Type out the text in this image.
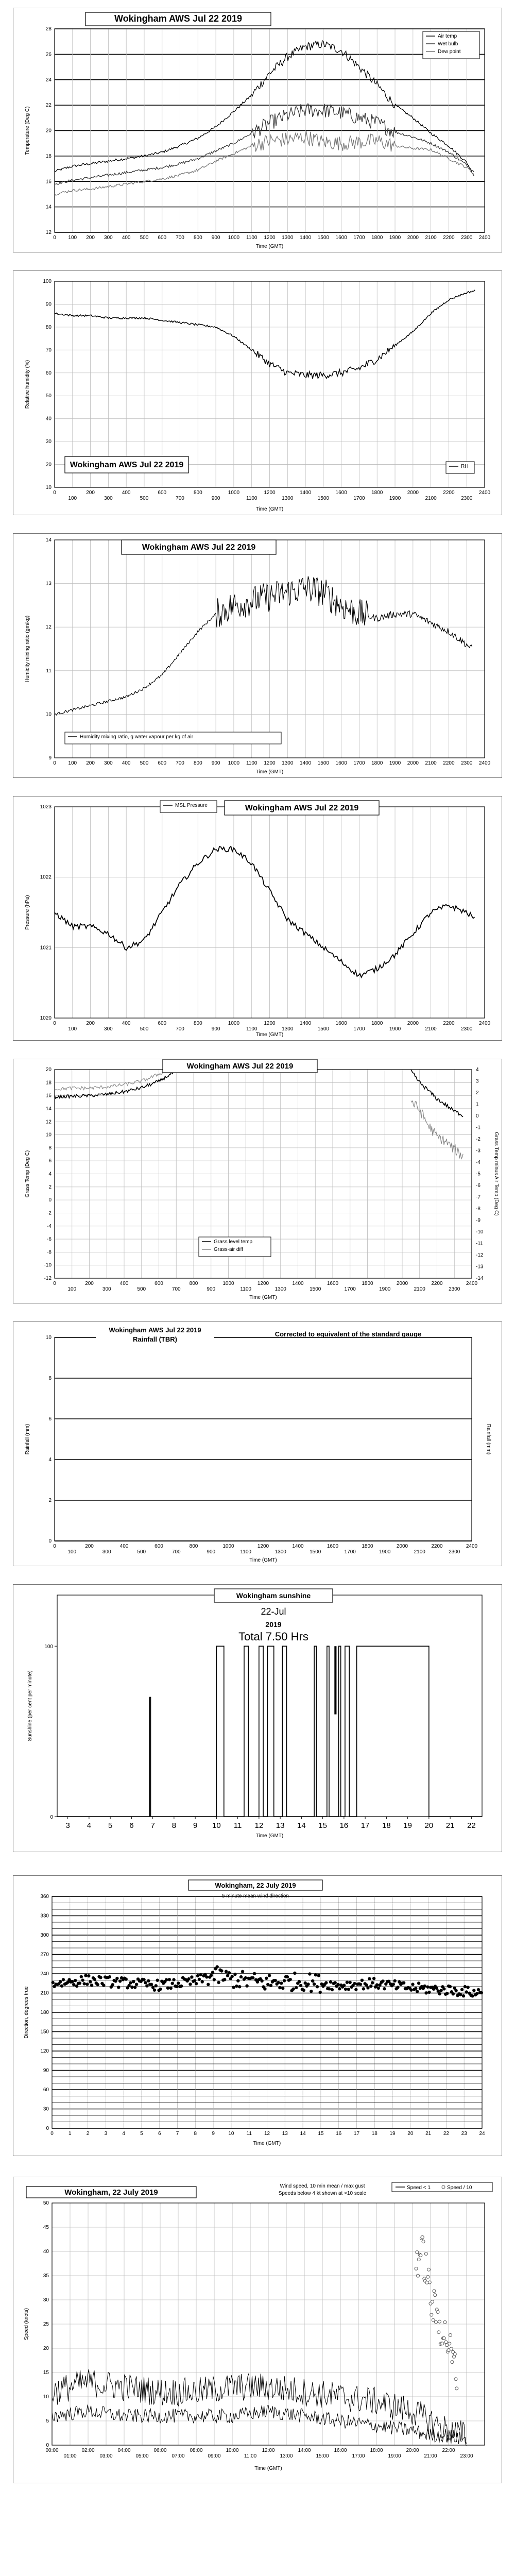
12
14
16
18
20
22
24
26
28
0 100 200 300 400 500 600 700 800 900 1000 1100 1200 1300 1400 1500 1600 1700 1800 1900 2000 2100 2200 2300 2400
Wokingham AWS Jul 22 2019
Air temp
Wet bulb
Dew point
Time (GMT)
Temperature (Deg C)
10
20
30
40
50
60
70
80
90
100
0
100
200
300
400
500
600
700
800
900
1000
1100
1200
1300
1400
1500
1600
1700
1800
1900
2000
2100
2200
2300
2400
Wokingham AWS Jul 22 2019	RH
Time (GMT)
Relative humidity (%)
9
10
11
12
13
14
0 100 200 300 400 500 600 700 800 900 1000 1100 1200 1300 1400 1500 1600 1700 1800 1900 2000 2100 2200 2300 2400
Wokingham AWS Jul 22 2019
Humidity mixing ratio, g water vapour per kg of air
Time (GMT)
Humidity mixing ratio (gm/kg)
1020
1021
1022
1023
0
100
200
300
400
500
600
700
800
900
1000
1100
1200
1300
1400
1500
1600
1700
1800
1900
2000
2100
2200
2300
2400
MSL Pressure	Wokingham AWS Jul 22 2019
Time (GMT)
Pressure (hPa)
-12
-10
-8
-6
-4
-2
0
2
4
6
8
10
12
14
16
18
20
0
100
200
300
400
500
600
700
800
900
1000
1100
1200
1300
1400
1500
1600
1700
1800
1900
2000
2100
2200
2300
2400
-14
-13
-12
-11
-10
-9
-8
-7
-6
-5
-4
-3
-2
-1
0
1
2
3
4
Wokingham AWS Jul 22 2019
Grass level temp
Grass-air diff
Time (GMT)
Grass Temp (Deg C)	Grass Temp minus Air Temp (Deg C)
0
2
4
6
8
10
0
100
200
300
400
500
600
700
800
900
1000
1100
1200
1300
1400
1500
1600
1700
1800
1900
2000
2100
2200
2300
2400
Wokingham AWS Jul 22 2019
Rainfall (TBR)
Corrected to equivalent of the standard gauge
Time (GMT)
Rainfall (mm)	Rainfall (mm)
0
100
3 4 5 6 7 8 9 10 11 12 13 14 15 16 17 18 19 20 21 22
Wokingham sunshine
22-Jul
2019
Total 7.50 Hrs
Time (GMT)
Sunshine (per cent per minute)
0
30
60
90
120
150
180
210
240
270
300
330
360
0	1	2	3	4	5	6	7	8	9	10 11 12 13 14 15 16 17 18 19 20 21 22 23 24
Wokingham, 22 July 2019
5 minute mean wind direction
Time (GMT)
Direction, degrees true
0
5
10
15
20
25
30
35
40
45
50
00:00
01:00
02:00
03:00
04:00
05:00
06:00
07:00
08:00
09:00
10:00
11:00
12:00
13:00
14:00
15:00
16:00
17:00
18:00
19:00
20:00
21:00
22:00
23:00
Wokingham, 22 July 2019
Wind speed, 10 min mean / max gust
Speeds below 4 kt shown at ×10 scale
Speed < 1	Speed / 10
Time (GMT)
Speed (knots)
